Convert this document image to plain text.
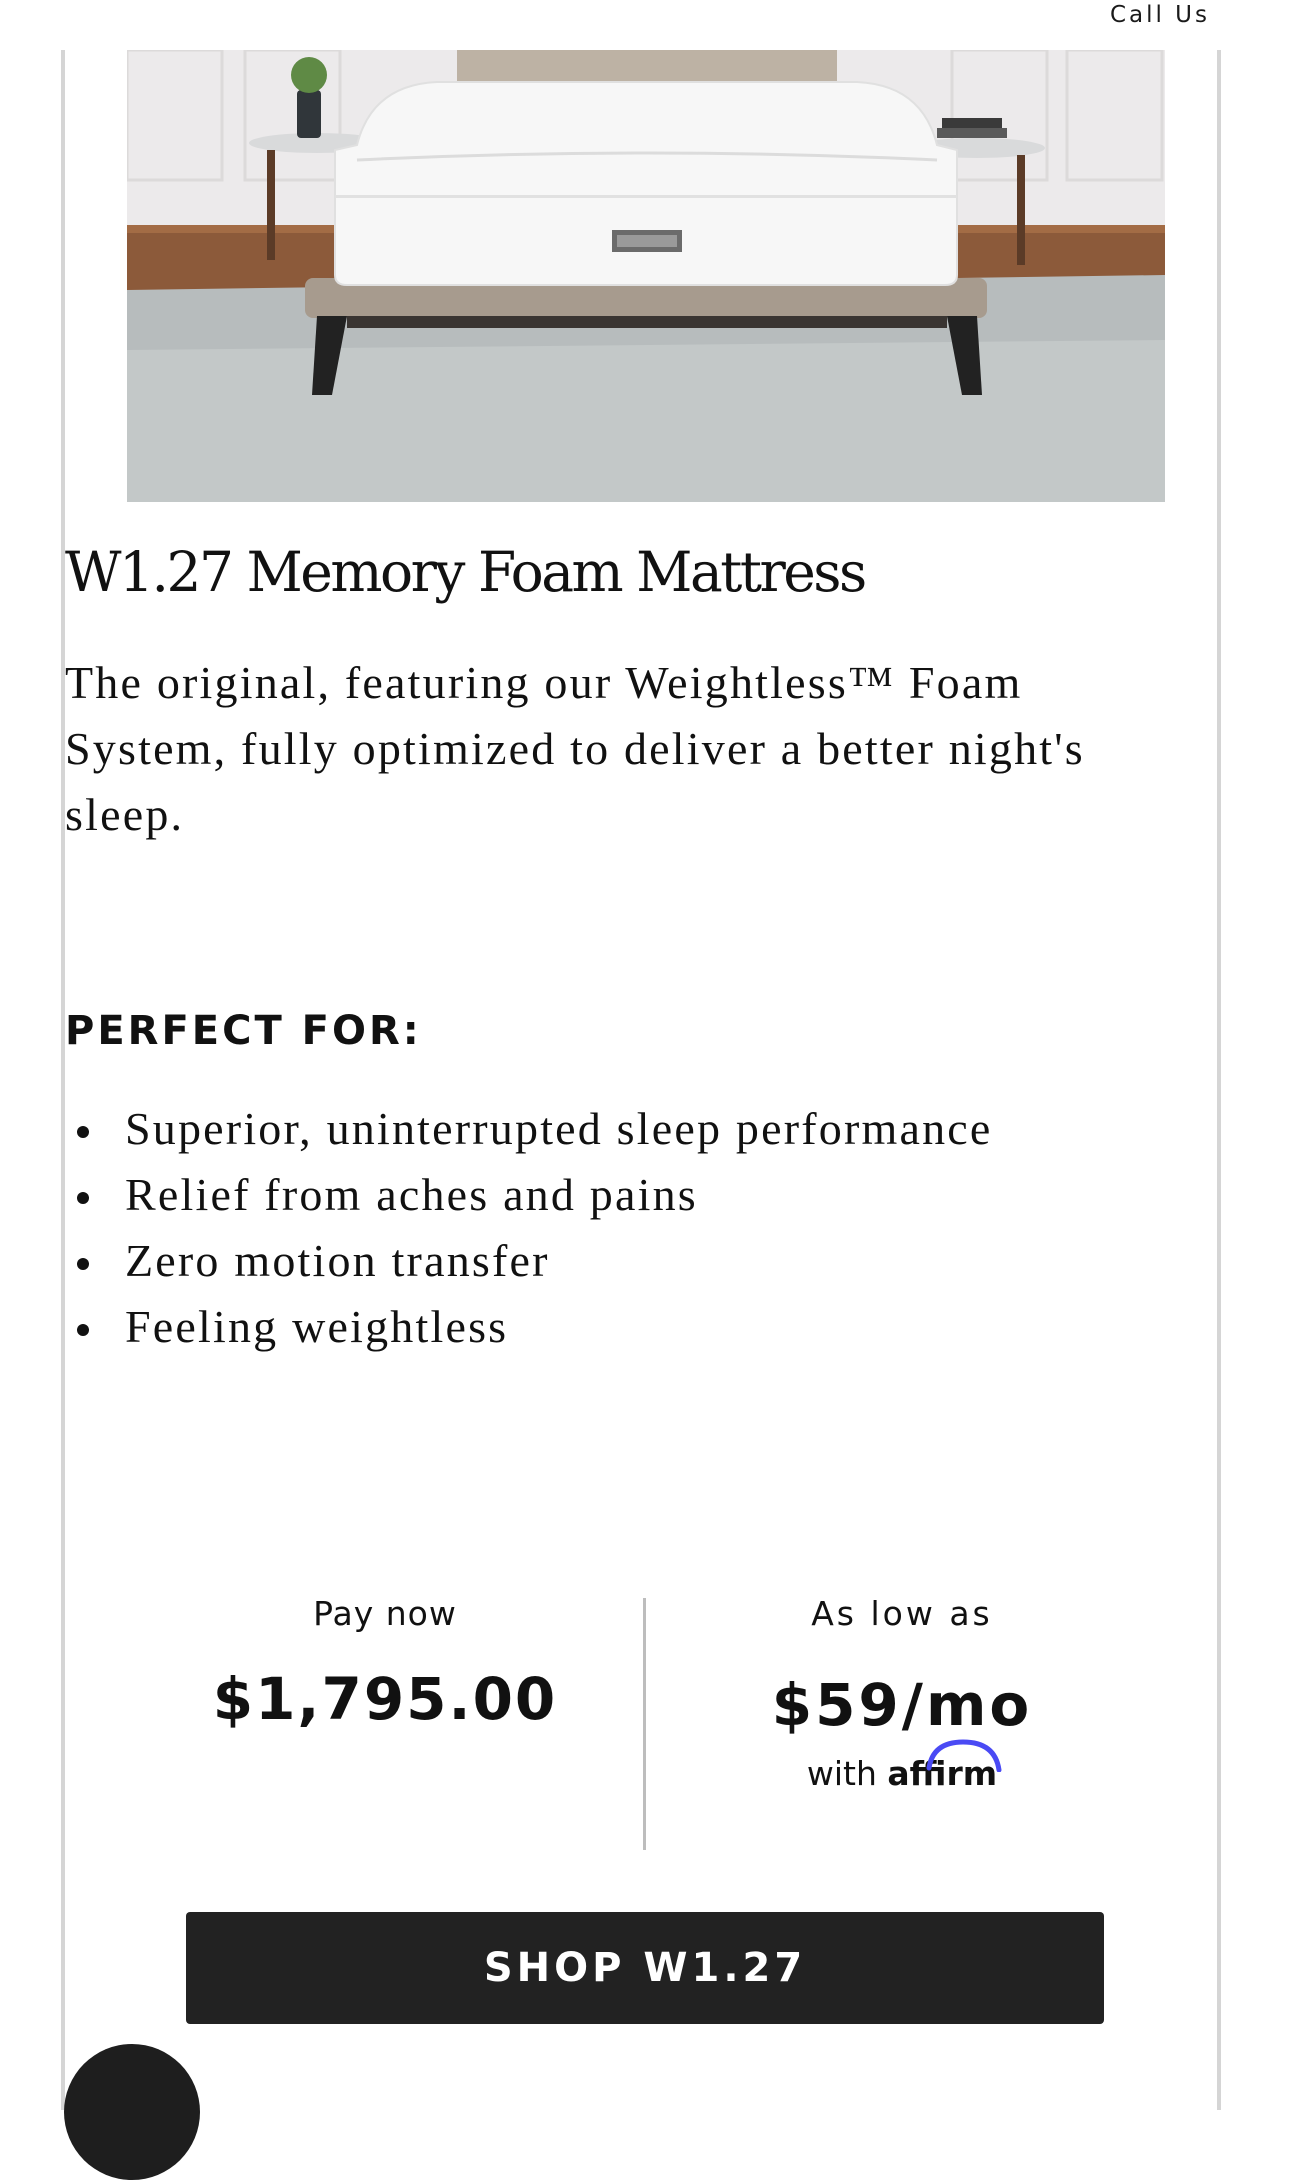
Call Us
W1.27 Memory Foam Mattress

The original, featuring our Weightless™ Foam System, fully optimized to deliver a better night's sleep.

PERFECT FOR:
Superior, uninterrupted sleep performance
Relief from aches and pains
Zero motion transfer
Feeling weightless
Pay now
$1,795.00
As low as
$59/mo
with affirm
SHOP W1.27
